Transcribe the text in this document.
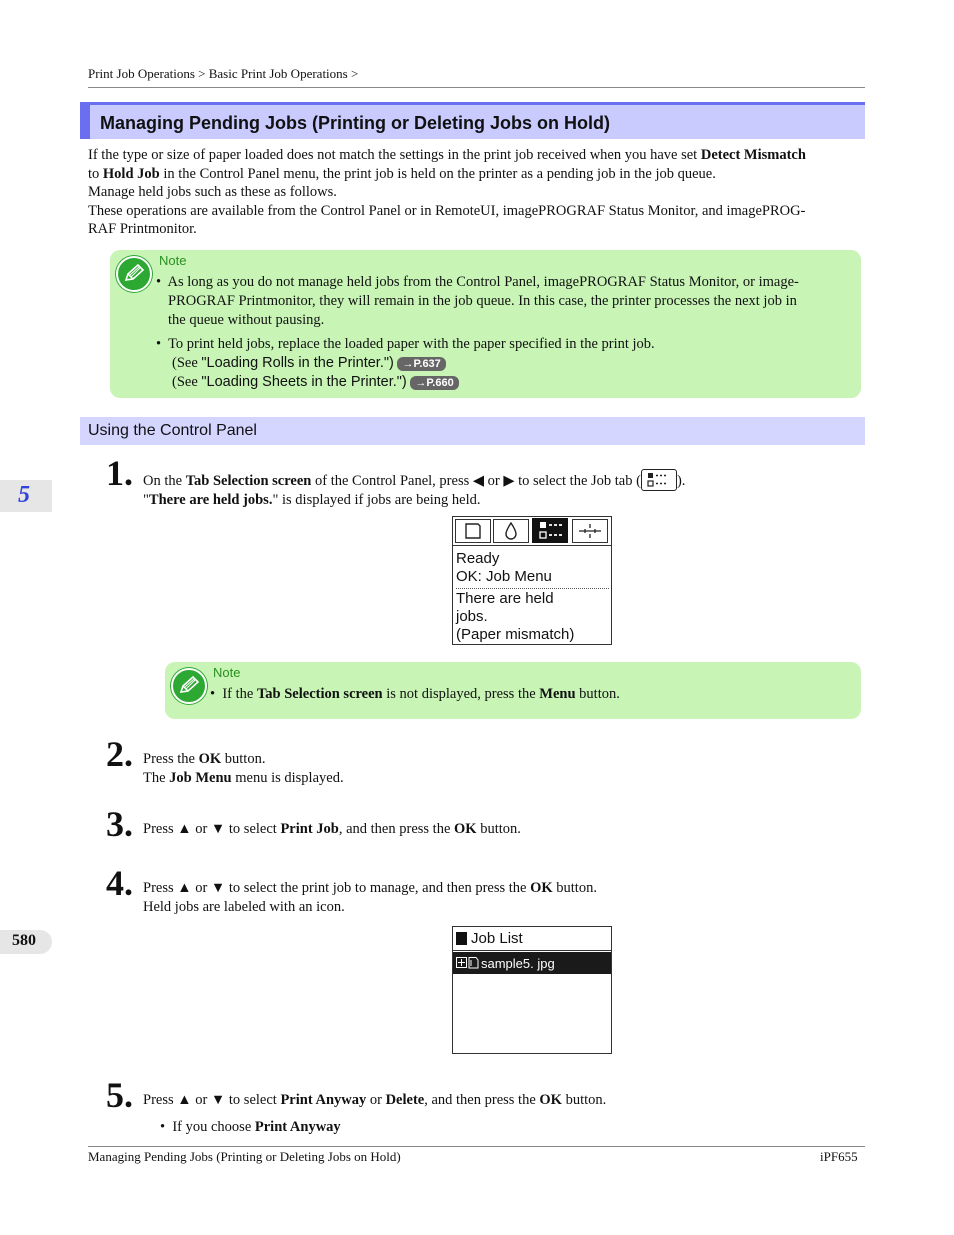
Print Job Operations > Basic Print Job Operations >
Managing Pending Jobs (Printing or Deleting Jobs on Hold)
If the type or size of paper loaded does not match the settings in the print job received when you have set Detect Mismatch
to Hold Job in the Control Panel menu, the print job is held on the printer as a pending job in the job queue.
Manage held jobs such as these as follows.
These operations are available from the Control Panel or in RemoteUI, imagePROGRAF Status Monitor, and imagePROG-
RAF Printmonitor.
Note
•  As long as you do not manage held jobs from the Control Panel, imagePROGRAF Status Monitor, or image-
PROGRAF Printmonitor, they will remain in the job queue. In this case, the printer processes the next job in
the queue without pausing.
•  To print held jobs, replace the loaded paper with the paper specified in the print job.
(See "Loading Rolls in the Printer.") →P.637
(See "Loading Sheets in the Printer.") →P.660
Using the Control Panel
5
1. On the Tab Selection screen of the Control Panel, press ◀ or ▶ to select the Job tab ( ).
"There are held jobs." is displayed if jobs are being held.
Ready
OK: Job Menu
There are held
jobs.
(Paper mismatch)
Note
•  If the Tab Selection screen is not displayed, press the Menu button.
2. Press the OK button.
The Job Menu menu is displayed.
3. Press ▲ or ▼ to select Print Job, and then press the OK button.
4. Press ▲ or ▼ to select the print job to manage, and then press the OK button.
Held jobs are labeled with an icon.
580	Job List
sample5. jpg
5. Press ▲ or ▼ to select Print Anyway or Delete, and then press the OK button.
•  If you choose Print Anyway
Managing Pending Jobs (Printing or Deleting Jobs on Hold)	iPF655
